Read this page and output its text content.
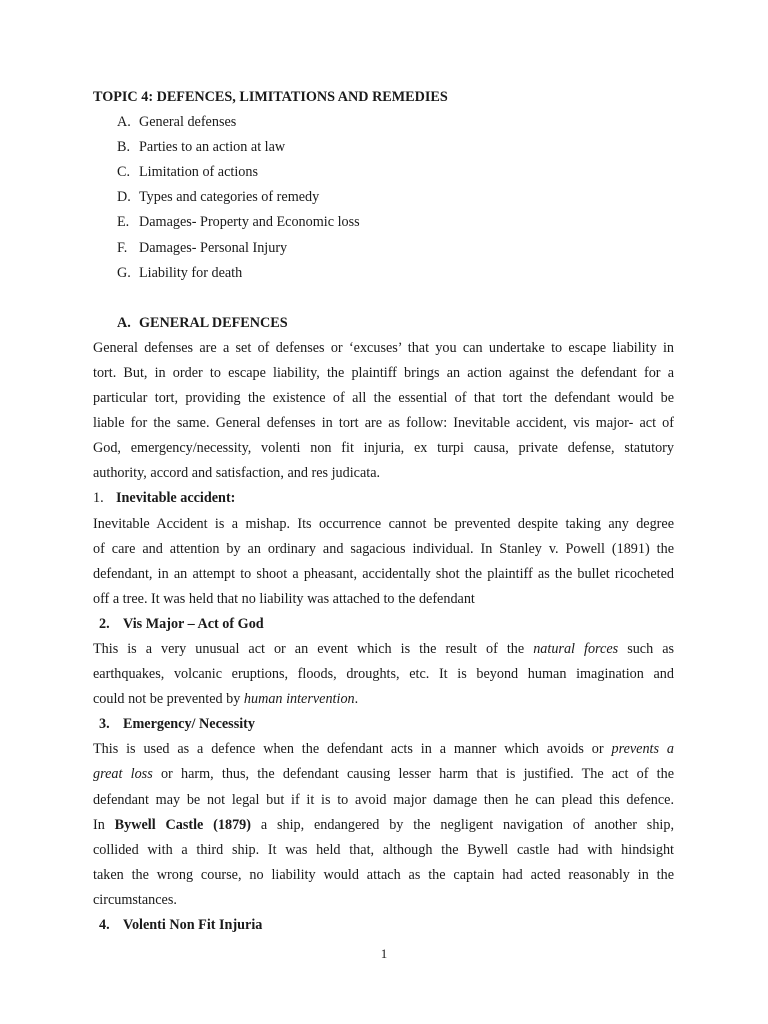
TOPIC 4: DEFENCES, LIMITATIONS AND REMEDIES
A. General defenses
B. Parties to an action at law
C. Limitation of actions
D. Types and categories of remedy
E. Damages- Property and Economic loss
F. Damages- Personal Injury
G. Liability for death
A. GENERAL DEFENCES
General defenses are a set of defenses or ‘excuses’ that you can undertake to escape liability in
tort. But, in order to escape liability, the plaintiff brings an action against the defendant for a
particular tort, providing the existence of all the essential of that tort the defendant would be
liable for the same. General defenses in tort are as follow: Inevitable accident, vis major- act of
God, emergency/necessity, volenti non fit injuria, ex turpi causa, private defense, statutory
authority, accord and satisfaction, and res judicata.
1. Inevitable accident:
Inevitable Accident is a mishap. Its occurrence cannot be prevented despite taking any degree
of care and attention by an ordinary and sagacious individual. In Stanley v. Powell (1891) the
defendant, in an attempt to shoot a pheasant, accidentally shot the plaintiff as the bullet ricocheted
off a tree. It was held that no liability was attached to the defendant
2. Vis Major – Act of God
This is a very unusual act or an event which is the result of the natural forces such as
earthquakes, volcanic eruptions, floods, droughts, etc. It is beyond human imagination and
could not be prevented by human intervention.
3. Emergency/ Necessity
This is used as a defence when the defendant acts in a manner which avoids or prevents a
great loss or harm, thus, the defendant causing lesser harm that is justified. The act of the
defendant may be not legal but if it is to avoid major damage then he can plead this defence.
In Bywell Castle (1879) a ship, endangered by the negligent navigation of another ship,
collided with a third ship. It was held that, although the Bywell castle had with hindsight
taken the wrong course, no liability would attach as the captain had acted reasonably in the
circumstances.
4. Volenti Non Fit Injuria
1
